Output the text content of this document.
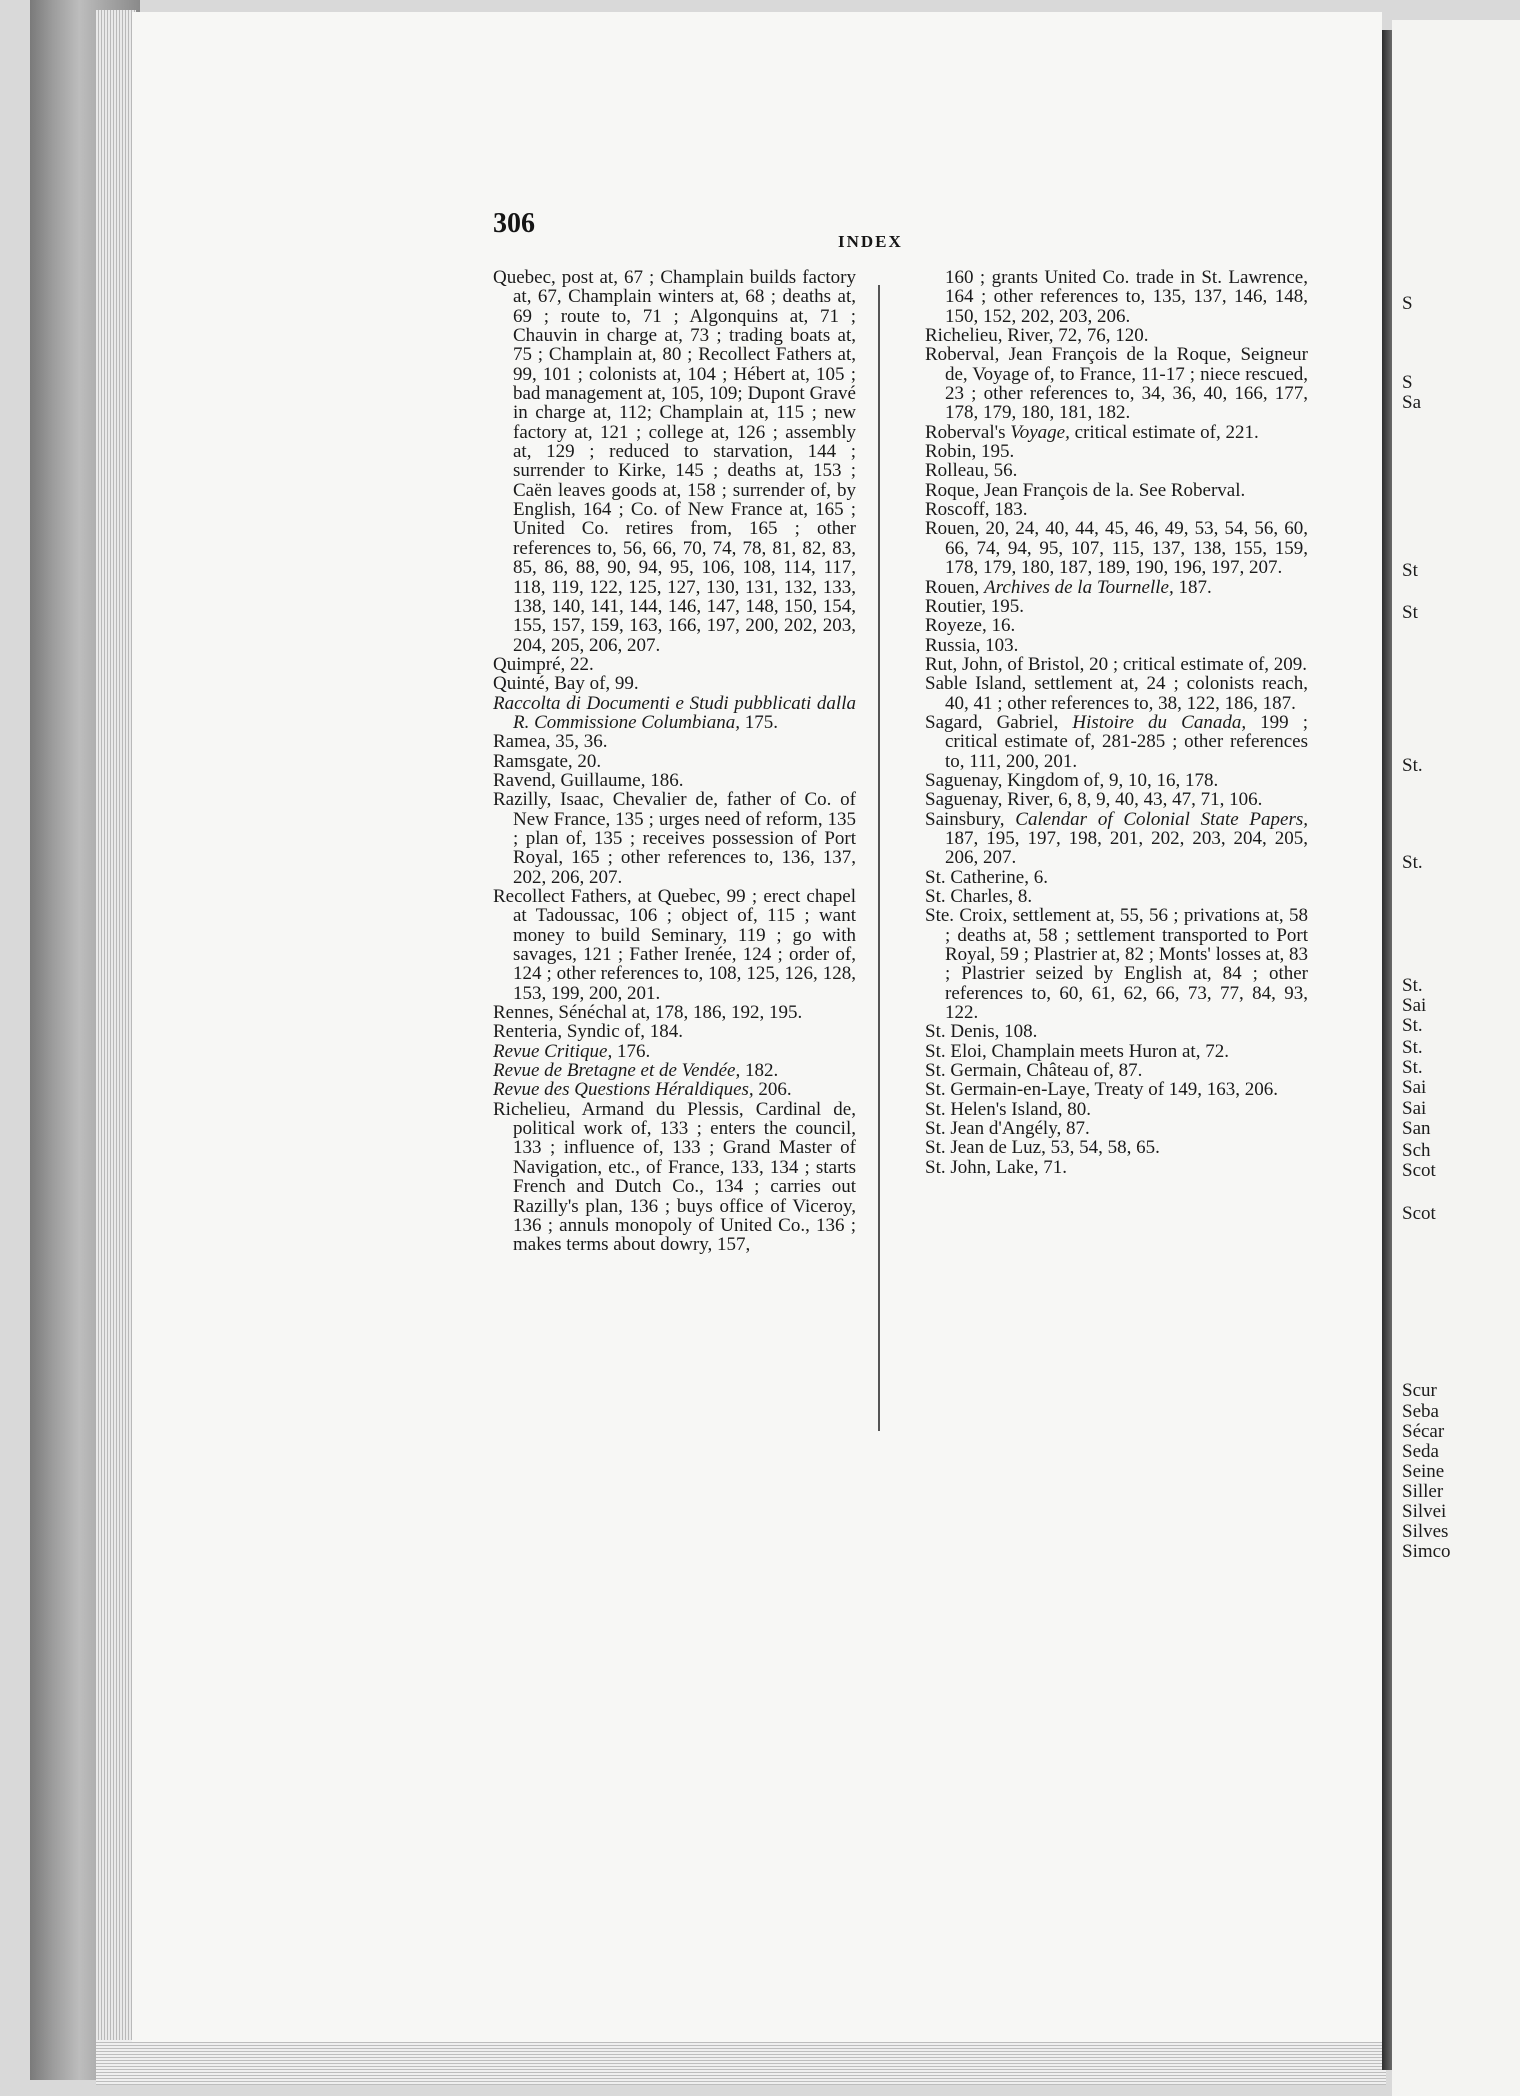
306
INDEX

Quebec, post at, 67 ; Champlain builds factory at, 67, Champlain winters at, 68 ; deaths at, 69 ; route to, 71 ; Algonquins at, 71 ; Chauvin in charge at, 73 ; trading boats at, 75 ; Champlain at, 80 ; Recollect Fathers at, 99, 101 ; colonists at, 104 ; Hébert at, 105 ; bad management at, 105, 109; Dupont Gravé in charge at, 112; Champlain at, 115 ; new factory at, 121 ; college at, 126 ; assembly at, 129 ; reduced to starvation, 144 ; surrender to Kirke, 145 ; deaths at, 153 ; Caën leaves goods at, 158 ; surrender of, by English, 164 ; Co. of New France at, 165 ; United Co. retires from, 165 ; other references to, 56, 66, 70, 74, 78, 81, 82, 83, 85, 86, 88, 90, 94, 95, 106, 108, 114, 117, 118, 119, 122, 125, 127, 130, 131, 132, 133, 138, 140, 141, 144, 146, 147, 148, 150, 154, 155, 157, 159, 163, 166, 197, 200, 202, 203, 204, 205, 206, 207.

Quimpré, 22.

Quinté, Bay of, 99.

Raccolta di Documenti e Studi pubblicati dalla R. Commissione Columbiana, 175.

Ramea, 35, 36.

Ramsgate, 20.

Ravend, Guillaume, 186.

Razilly, Isaac, Chevalier de, father of Co. of New France, 135 ; urges need of reform, 135 ; plan of, 135 ; receives possession of Port Royal, 165 ; other references to, 136, 137, 202, 206, 207.

Recollect Fathers, at Quebec, 99 ; erect chapel at Tadoussac, 106 ; object of, 115 ; want money to build Seminary, 119 ; go with savages, 121 ; Father Irenée, 124 ; order of, 124 ; other references to, 108, 125, 126, 128, 153, 199, 200, 201.

Rennes, Sénéchal at, 178, 186, 192, 195.

Renteria, Syndic of, 184.

Revue Critique, 176.

Revue de Bretagne et de Vendée, 182.

Revue des Questions Héraldiques, 206.

Richelieu, Armand du Plessis, Cardinal de, political work of, 133 ; enters the council, 133 ; influence of, 133 ; Grand Master of Navigation, etc., of France, 133, 134 ; starts French and Dutch Co., 134 ; carries out Razilly's plan, 136 ; buys office of Viceroy, 136 ; annuls monopoly of United Co., 136 ; makes terms about dowry, 157,

160 ; grants United Co. trade in St. Lawrence, 164 ; other references to, 135, 137, 146, 148, 150, 152, 202, 203, 206.

Richelieu, River, 72, 76, 120.

Roberval, Jean François de la Roque, Seigneur de, Voyage of, to France, 11-17 ; niece rescued, 23 ; other references to, 34, 36, 40, 166, 177, 178, 179, 180, 181, 182.

Roberval's Voyage, critical estimate of, 221.

Robin, 195.

Rolleau, 56.

Roque, Jean François de la. See Roberval.

Roscoff, 183.

Rouen, 20, 24, 40, 44, 45, 46, 49, 53, 54, 56, 60, 66, 74, 94, 95, 107, 115, 137, 138, 155, 159, 178, 179, 180, 187, 189, 190, 196, 197, 207.

Rouen, Archives de la Tournelle, 187.

Routier, 195.

Royeze, 16.

Russia, 103.

Rut, John, of Bristol, 20 ; critical estimate of, 209.

Sable Island, settlement at, 24 ; colonists reach, 40, 41 ; other references to, 38, 122, 186, 187.

Sagard, Gabriel, Histoire du Canada, 199 ; critical estimate of, 281-285 ; other references to, 111, 200, 201.

Saguenay, Kingdom of, 9, 10, 16, 178.

Saguenay, River, 6, 8, 9, 40, 43, 47, 71, 106.

Sainsbury, Calendar of Colonial State Papers, 187, 195, 197, 198, 201, 202, 203, 204, 205, 206, 207.

St. Catherine, 6.

St. Charles, 8.

Ste. Croix, settlement at, 55, 56 ; privations at, 58 ; deaths at, 58 ; settlement transported to Port Royal, 59 ; Plastrier at, 82 ; Monts' losses at, 83 ; Plastrier seized by English at, 84 ; other references to, 60, 61, 62, 66, 73, 77, 84, 93, 122.

St. Denis, 108.

St. Eloi, Champlain meets Huron at, 72.

St. Germain, Château of, 87.

St. Germain-en-Laye, Treaty of 149, 163, 206.

St. Helen's Island, 80.

St. Jean d'Angély, 87.

St. Jean de Luz, 53, 54, 58, 65.

St. John, Lake, 71.

S
S
Sa
St
St
St.
St.
St.
Sai
St.
St.
St.
Sai
Sai
San
Sch
Scot
Scot
Scur
Seba
Sécar
Seda
Seine
Siller
Silvei
Silves
Simco
